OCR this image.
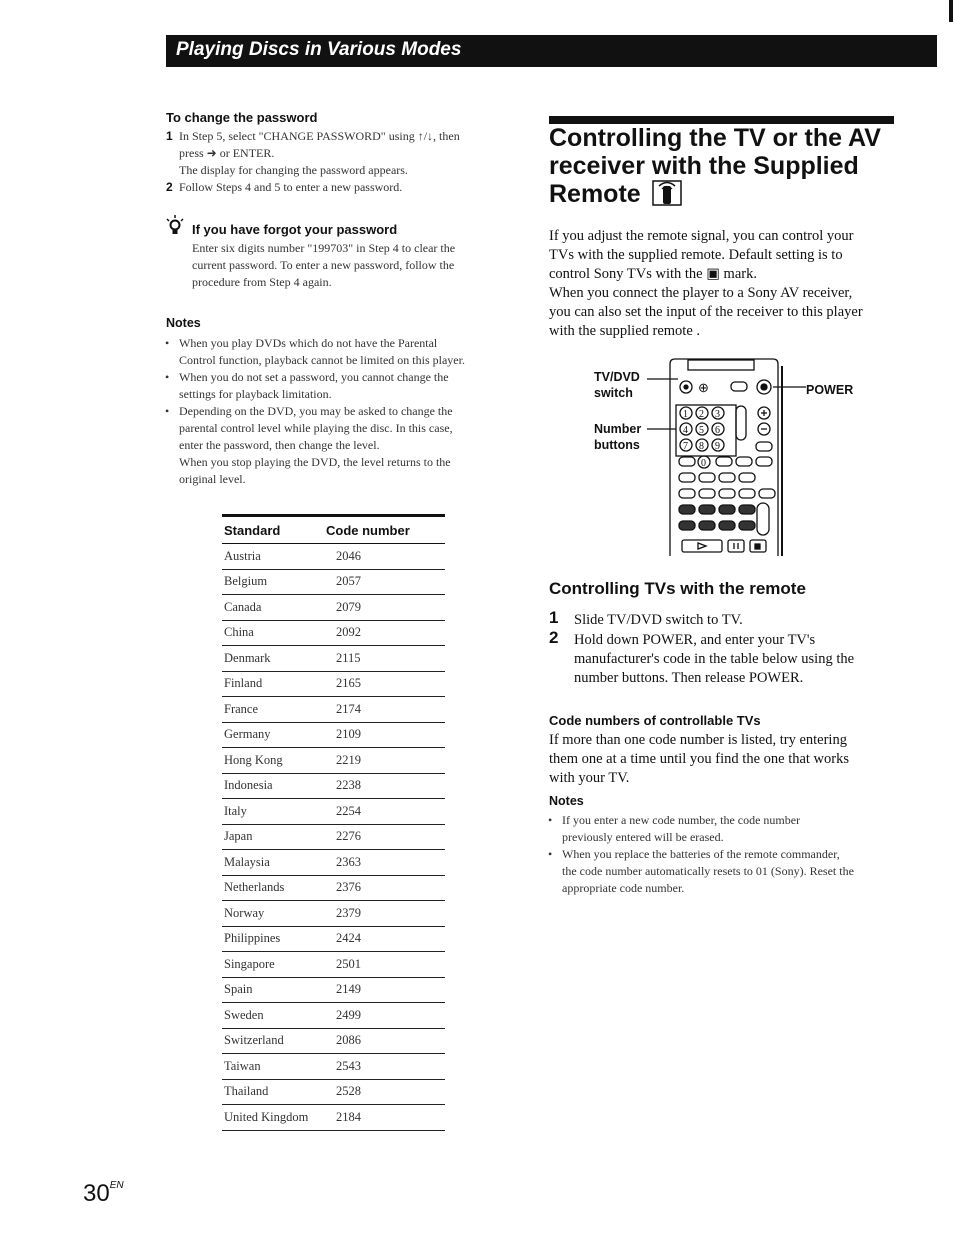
Playing Discs in Various Modes
To change the password
1 In Step 5, select "CHANGE PASSWORD" using ↑/↓, then
press ➜ or ENTER.
The display for changing the password appears.
2 Follow Steps 4 and 5 to enter a new password.
If you have forgot your password
Enter six digits number "199703" in Step 4 to clear the
current password. To enter a new password, follow the
procedure from Step 4 again.
Notes
• When you play DVDs which do not have the Parental
Control function, playback cannot be limited on this player.
• When you do not set a password, you cannot change the
settings for playback limitation.
• Depending on the DVD, you may be asked to change the
parental control level while playing the disc. In this case,
enter the password, then change the level.
When you stop playing the DVD, the level returns to the
original level.
Standard	Code number
Austria	2046
Belgium	2057
Canada	2079
China	2092
Denmark	2115
Finland	2165
France	2174
Germany	2109
Hong Kong	2219
Indonesia	2238
Italy	2254
Japan	2276
Malaysia	2363
Netherlands	2376
Norway	2379
Philippines	2424
Singapore	2501
Spain	2149
Sweden	2499
Switzerland	2086
Taiwan	2543
Thailand	2528
United Kingdom	2184
Controlling the TV or the AV
receiver with the Supplied
Remote
If you adjust the remote signal, you can control your
TVs with the supplied remote. Default setting is to
control Sony TVs with the ▣ mark.
When you connect the player to a Sony AV receiver,
you can also set the input of the receiver to this player
with the supplied remote .
TV/DVD
switch
Number
buttons
POWER
⊕
1 2 3
4 5 6
7 8 9
0
Controlling TVs with the remote
1 Slide TV/DVD switch to TV.
2 Hold down POWER, and enter your TV's
manufacturer's code in the table below using the
number buttons. Then release POWER.
Code numbers of controllable TVs
If more than one code number is listed, try entering
them one at a time until you find the one that works
with your TV.
Notes
• If you enter a new code number, the code number
previously entered will be erased.
• When you replace the batteries of the remote commander,
the code number automatically resets to 01 (Sony). Reset the
appropriate code number.
$30^{EN}$
